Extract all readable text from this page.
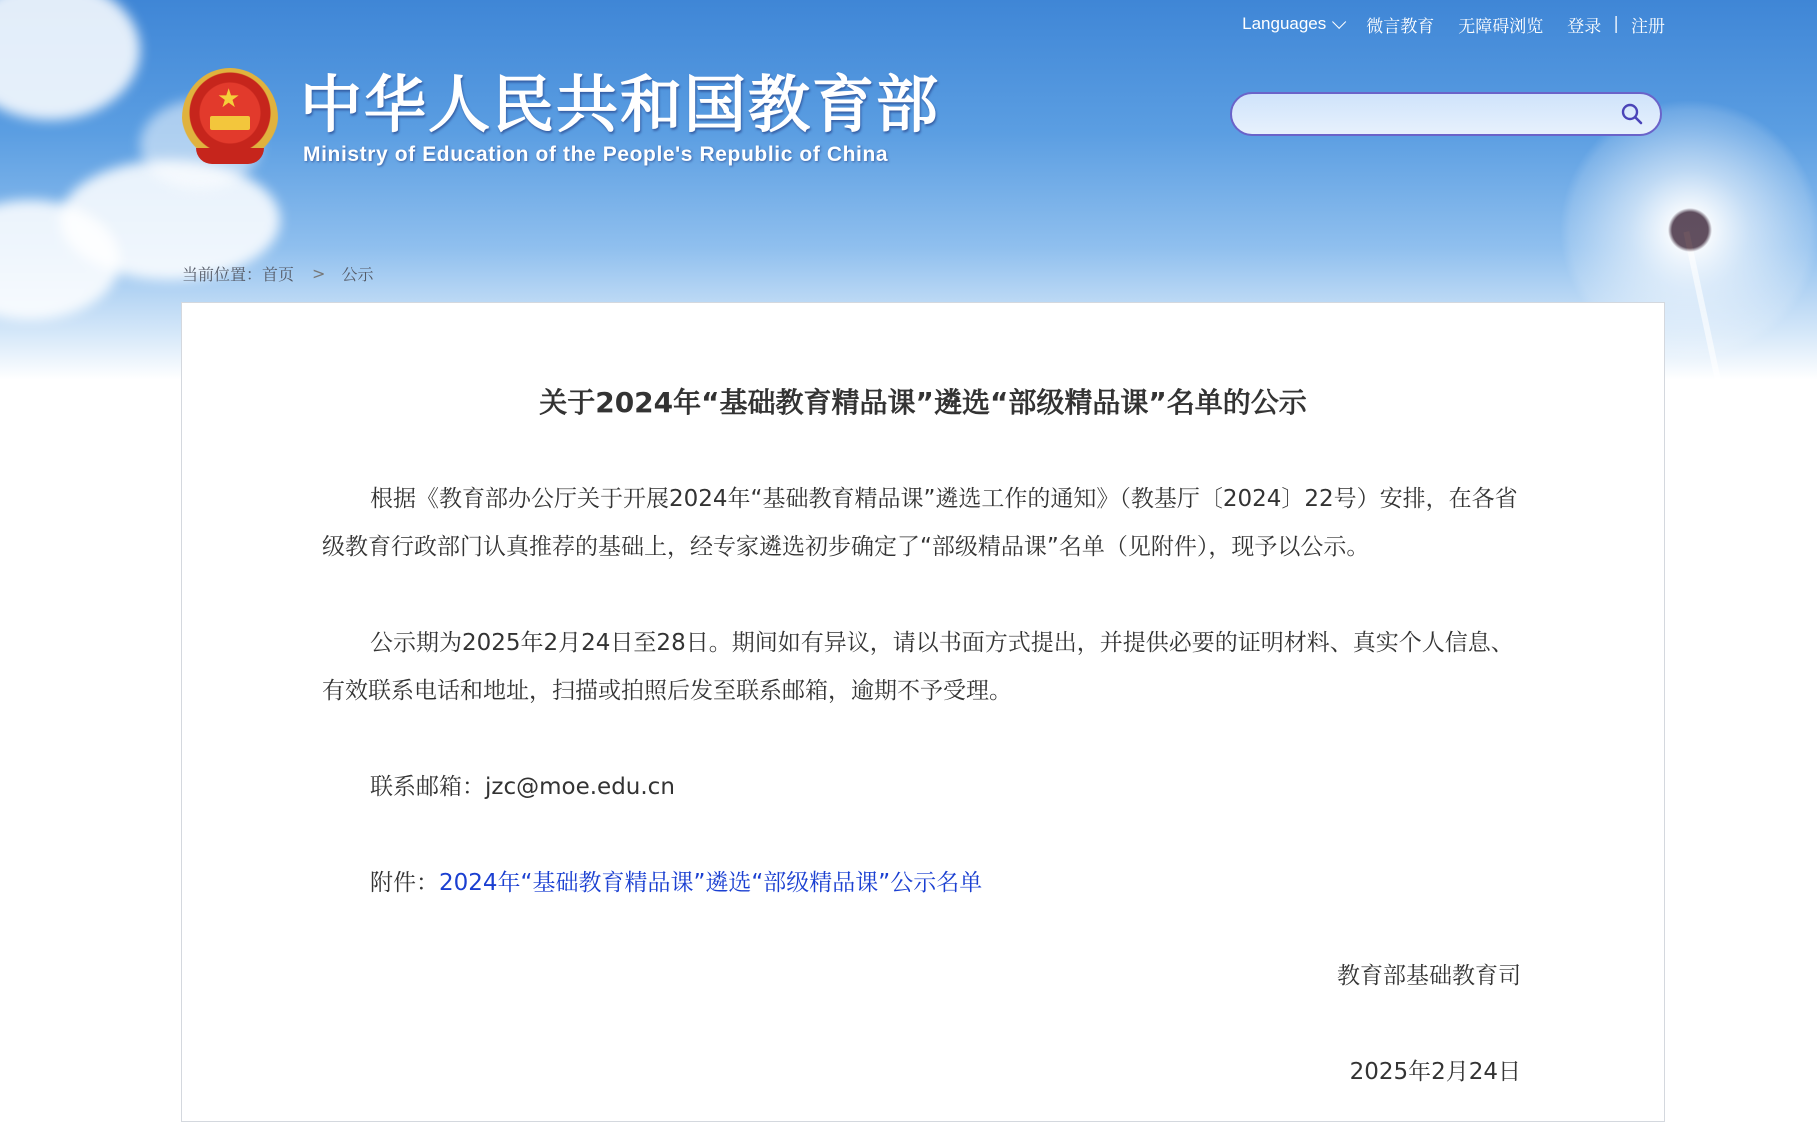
Languages 微言教育 无障碍浏览 登录 | 注册
★ 中华人民共和国教育部
Ministry of Education of the People's Republic of China
当前位置： 首页 > 公示
关于2024年“基础教育精品课”遴选“部级精品课”名单的公示
根据《教育部办公厅关于开展2024年“基础教育精品课”遴选工作的通知》（教基厅〔2024〕22号）安排，在各省级教育行政部门认真推荐的基础上，经专家遴选初步确定了“部级精品课”名单（见附件），现予以公示。
公示期为2025年2月24日至28日。期间如有异议，请以书面方式提出，并提供必要的证明材料、真实个人信息、有效联系电话和地址，扫描或拍照后发至联系邮箱，逾期不予受理。
联系邮箱：jzc@moe.edu.cn
附件：2024年“基础教育精品课”遴选“部级精品课”公示名单
教育部基础教育司
2025年2月24日
